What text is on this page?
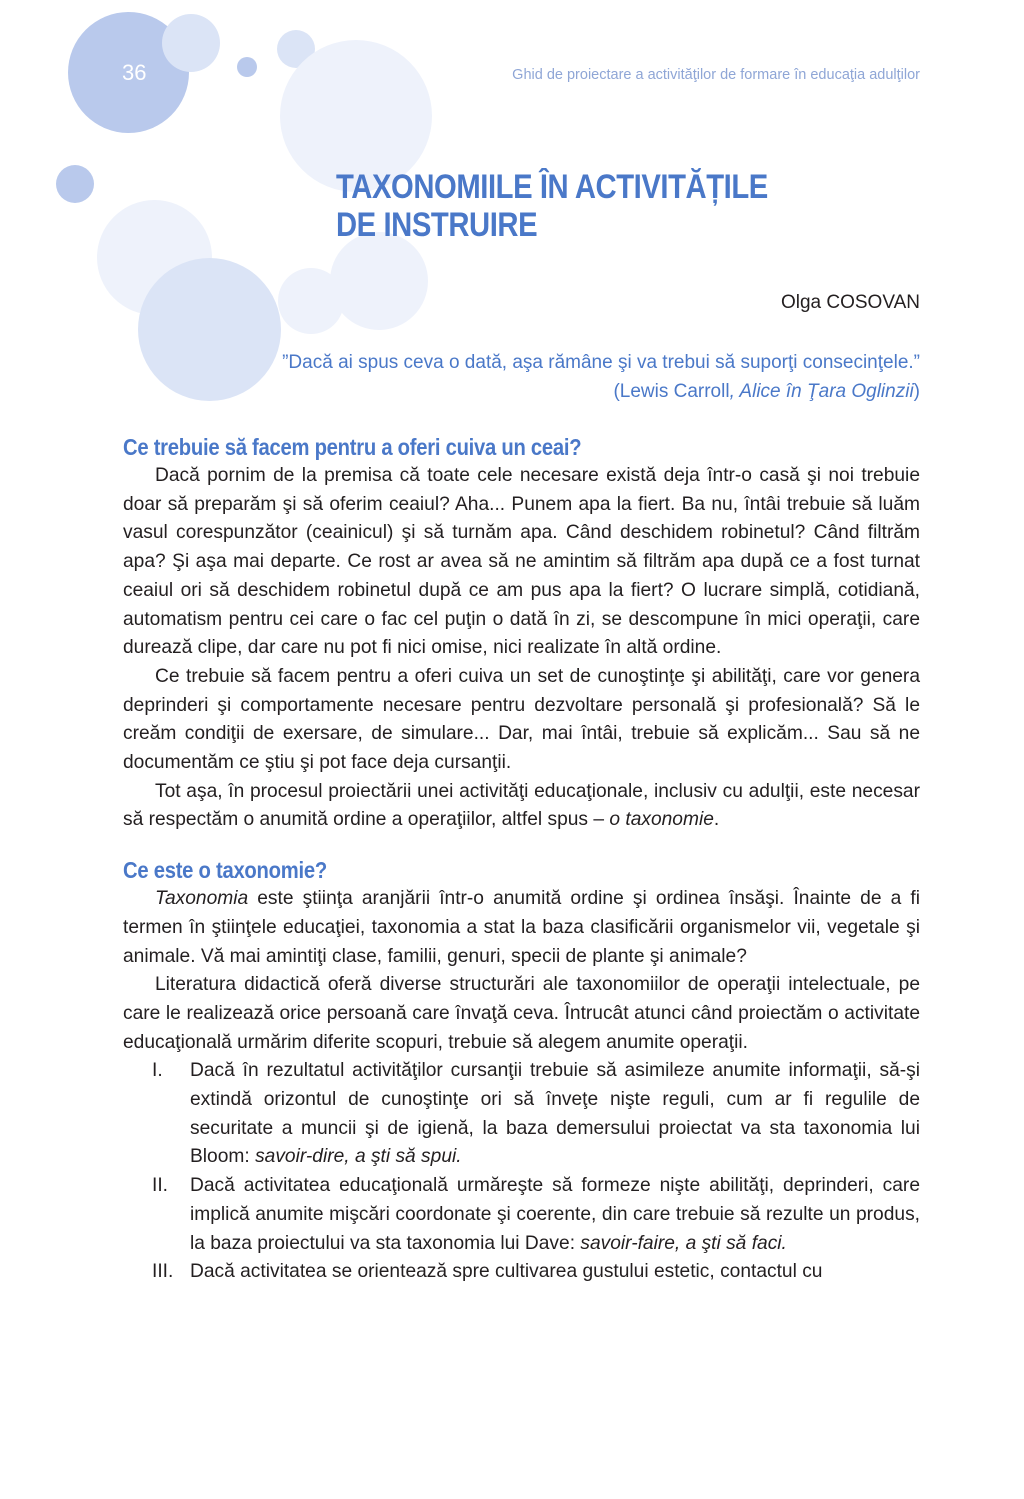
36	Ghid de proiectare a activităţilor de formare în educaţia adulţilor
TAXONOMIILE ÎN ACTIVITĂȚILE
DE INSTRUIRE
Olga COSOVAN
”Dacă ai spus ceva o dată, aşa rămâne şi va trebui să suporţi consecinţele.”
(Lewis Carroll, Alice în Ţara Oglinzii)
Ce trebuie să facem pentru a oferi cuiva un ceai?

Dacă pornim de la premisa că toate cele necesare există deja într-o casă şi noi trebuie doar să preparăm şi să oferim ceaiul? Aha... Punem apa la fiert. Ba nu, întâi trebuie să luăm vasul corespunzător (ceainicul) şi să turnăm apa. Când deschidem robinetul? Când filtrăm apa? Şi aşa mai departe. Ce rost ar avea să ne amintim să filtrăm apa după ce a fost turnat ceaiul ori să deschidem robinetul după ce am pus apa la fiert? O lucrare simplă, cotidiană, automatism pentru cei care o fac cel puţin o dată în zi, se descompune în mici operaţii, care durează clipe, dar care nu pot fi nici omise, nici realizate în altă ordine.

Ce trebuie să facem pentru a oferi cuiva un set de cunoştinţe şi abilităţi, care vor genera deprinderi şi comportamente necesare pentru dezvoltare personală şi profesională? Să le creăm condiţii de exersare, de simulare... Dar, mai întâi, trebuie să explicăm... Sau să ne documentăm ce ştiu şi pot face deja cursanţii.

Tot aşa, în procesul proiectării unei activităţi educaţionale, inclusiv cu adulţii, este necesar să respectăm o anumită ordine a operaţiilor, altfel spus – o taxonomie.

Ce este o taxonomie?

Taxonomia este ştiinţa aranjării într-o anumită ordine şi ordinea însăşi. Înainte de a fi termen în ştiinţele educaţiei, taxonomia a stat la baza clasificării organismelor vii, vegetale şi animale. Vă mai amintiţi clase, familii, genuri, specii de plante şi animale?

Literatura didactică oferă diverse structurări ale taxonomiilor de operaţii intelectuale, pe care le realizează orice persoană care învaţă ceva. Întrucât atunci când proiectăm o activitate educaţională urmărim diferite scopuri, trebuie să alegem anumite operaţii.

I. Dacă în rezultatul activităţilor cursanţii trebuie să asimileze anumite informaţii, să-şi extindă orizontul de cunoştinţe ori să înveţe nişte reguli, cum ar fi regulile de securitate a muncii şi de igienă, la baza demersului proiectat va sta taxonomia lui Bloom: savoir-dire, a şti să spui.
II. Dacă activitatea educaţională urmăreşte să formeze nişte abilităţi, deprinderi, care implică anumite mişcări coordonate şi coerente, din care trebuie să rezulte un produs, la baza proiectului va sta taxonomia lui Dave: savoir-faire, a şti să faci.
III. Dacă activitatea se orientează spre cultivarea gustului estetic, contactul cu
